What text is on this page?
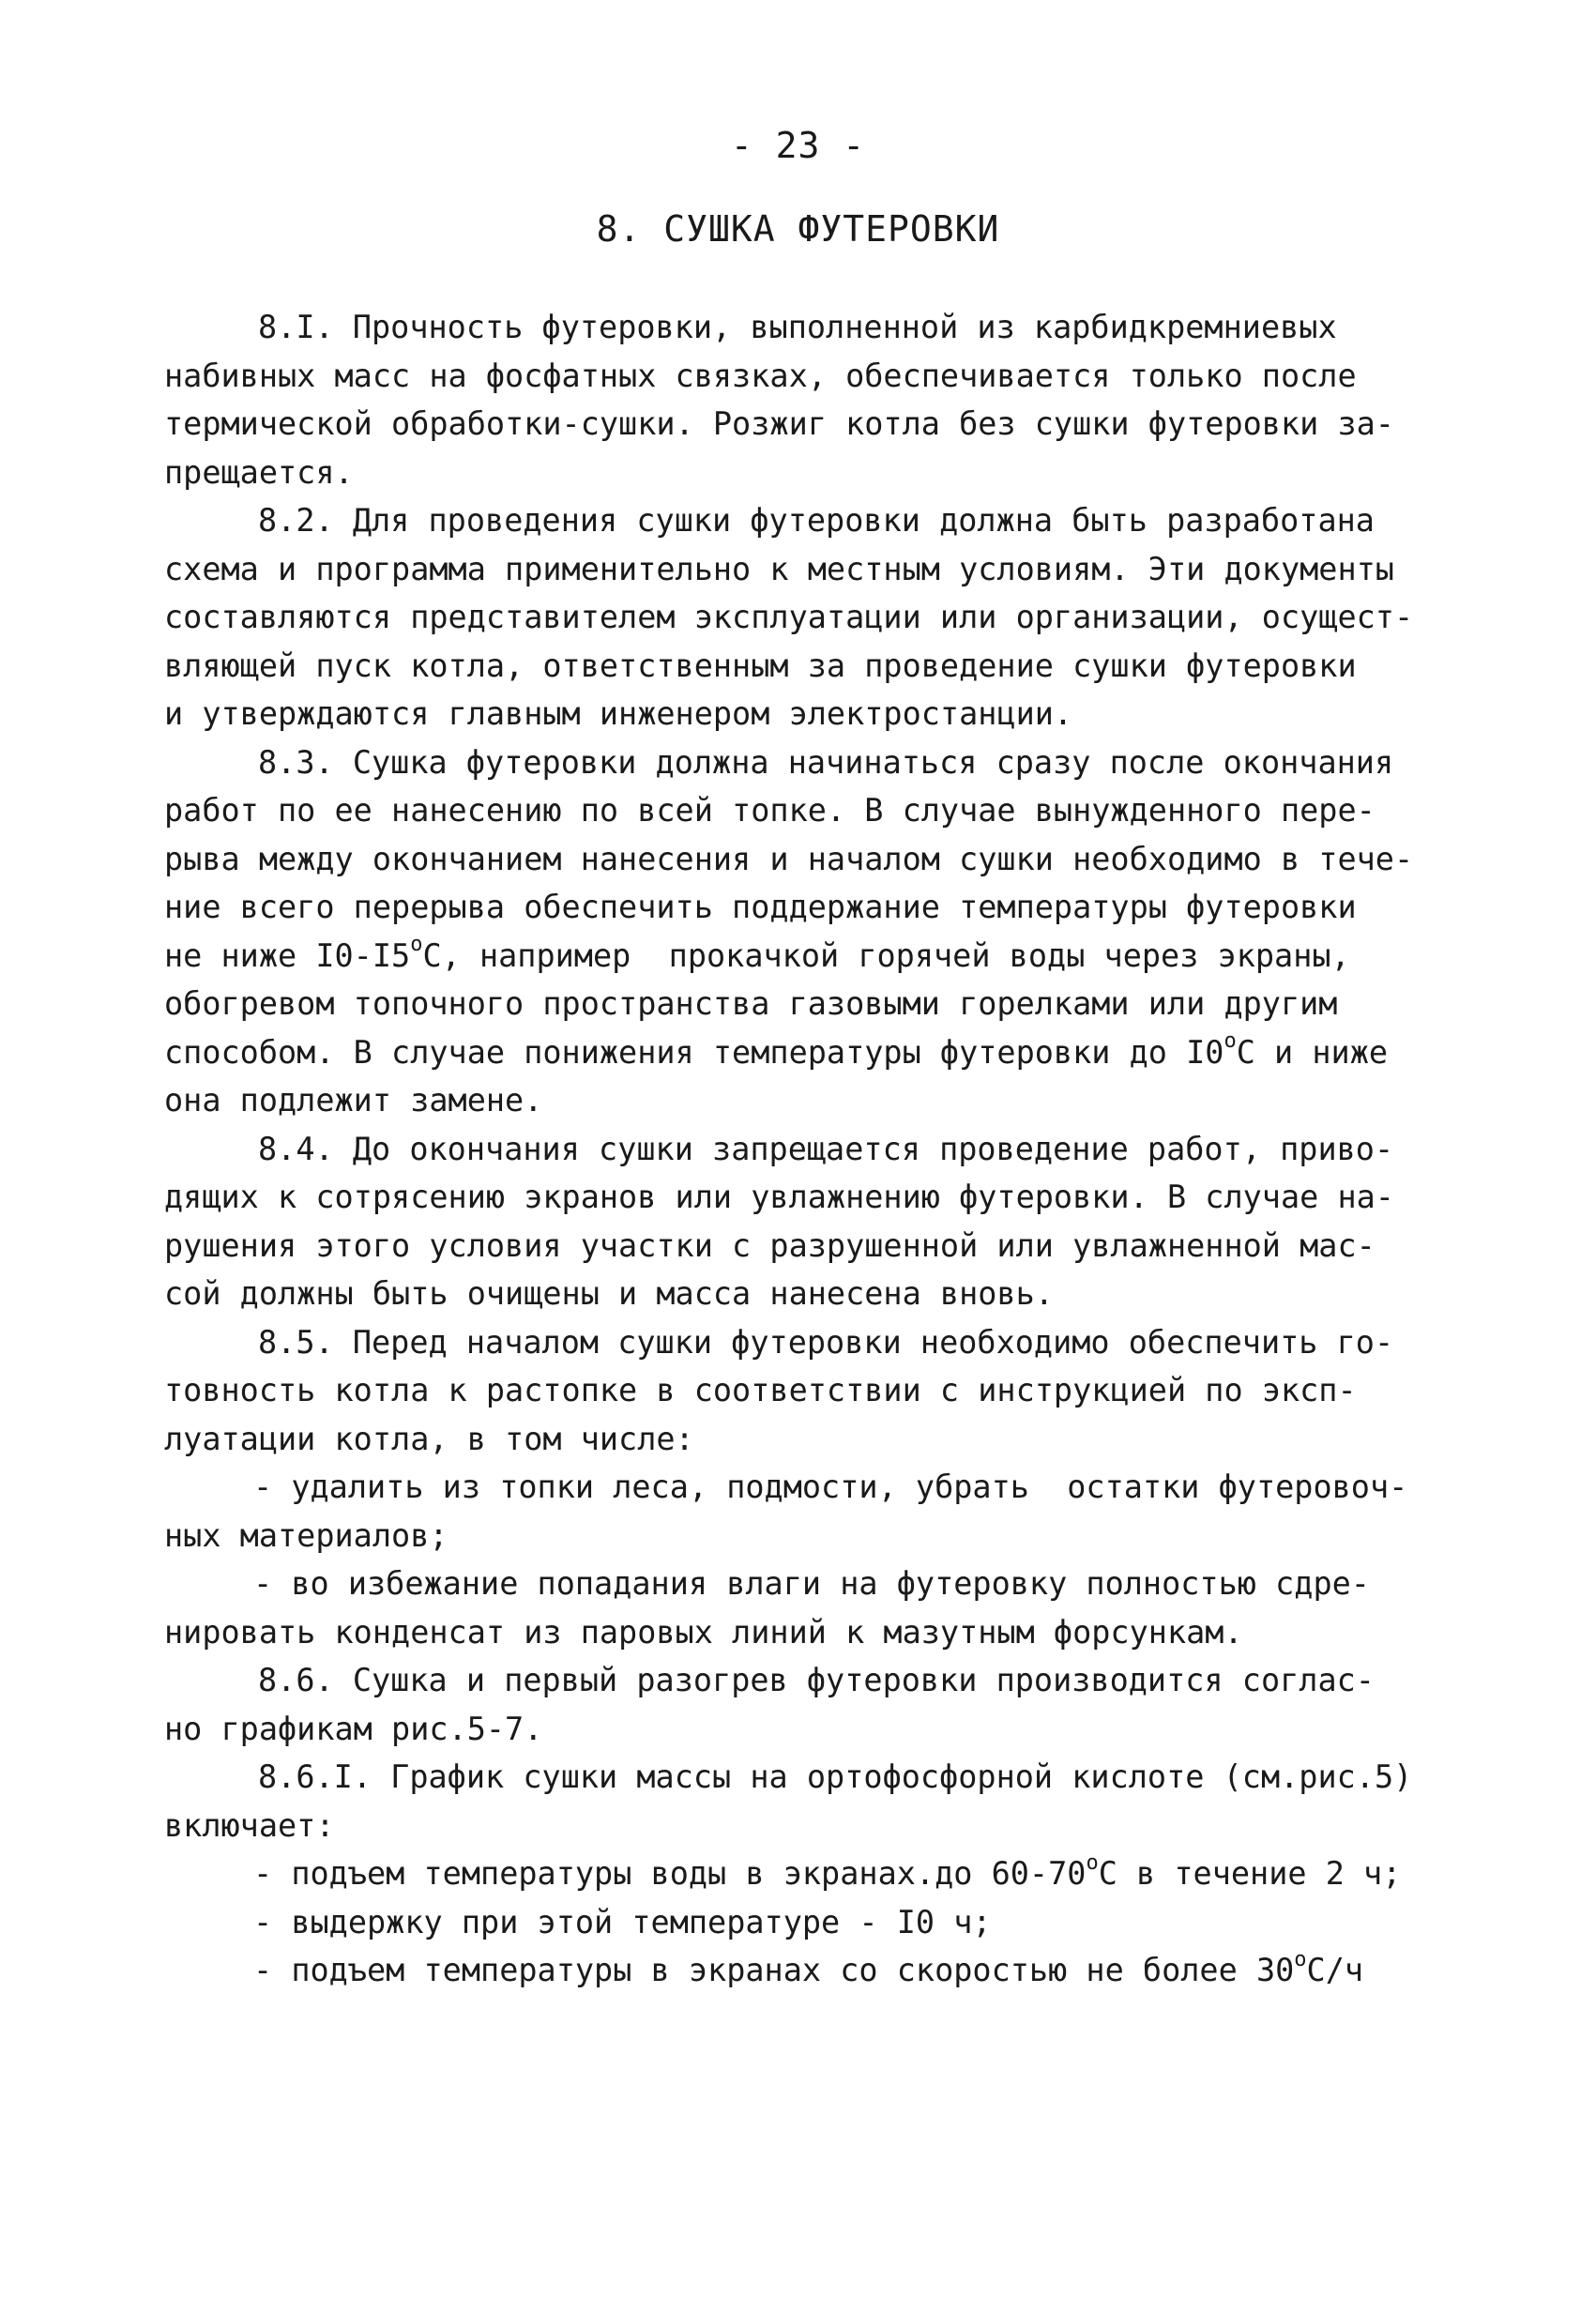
- 23 -
8. СУШКА ФУТЕРОВКИ
8.I. Прочность футеровки, выполненной из карбидкремниевых
набивных масс на фосфатных связках, обеспечивается только после
термической обработки-сушки. Розжиг котла без сушки футеровки за-
прещается.
8.2. Для проведения сушки футеровки должна быть разработана
схема и программа применительно к местным условиям. Эти документы
составляются представителем эксплуатации или организации, осущест-
вляющей пуск котла, ответственным за проведение сушки футеровки
и утверждаются главным инженером электростанции.
8.3. Сушка футеровки должна начинаться сразу после окончания
работ по ее нанесению по всей топке. В случае вынужденного пере-
рыва между окончанием нанесения и началом сушки необходимо в тече-
ние всего перерыва обеспечить поддержание температуры футеровки
не ниже $I0-I5^оС$, например  прокачкой горячей воды через экраны,
обогревом топочного пространства газовыми горелками или другим
способом. В случае понижения температуры футеровки до $I0^оС$ и ниже
она подлежит замене.
8.4. До окончания сушки запрещается проведение работ, приво-
дящих к сотрясению экранов или увлажнению футеровки. В случае на-
рушения этого условия участки с разрушенной или увлажненной мас-
сой должны быть очищены и масса нанесена вновь.
8.5. Перед началом сушки футеровки необходимо обеспечить го-
товность котла к растопке в соответствии с инструкцией по эксп-
луатации котла, в том числе:
- удалить из топки леса, подмости, убрать  остатки футеровоч-
ных материалов;
- во избежание попадания влаги на футеровку полностью сдре-
нировать конденсат из паровых линий к мазутным форсункам.
8.6. Сушка и первый разогрев футеровки производится соглас-
но графикам рис.5-7.
8.6.I. График сушки массы на ортофосфорной кислоте (см.рис.5)
включает:
- подъем температуры воды в экранах.до $60-70^оС$ в течение 2 ч;
- выдержку при этой температуре - I0 ч;
- подъем температуры в экранах со скоростью не более $30^оС/ч$
